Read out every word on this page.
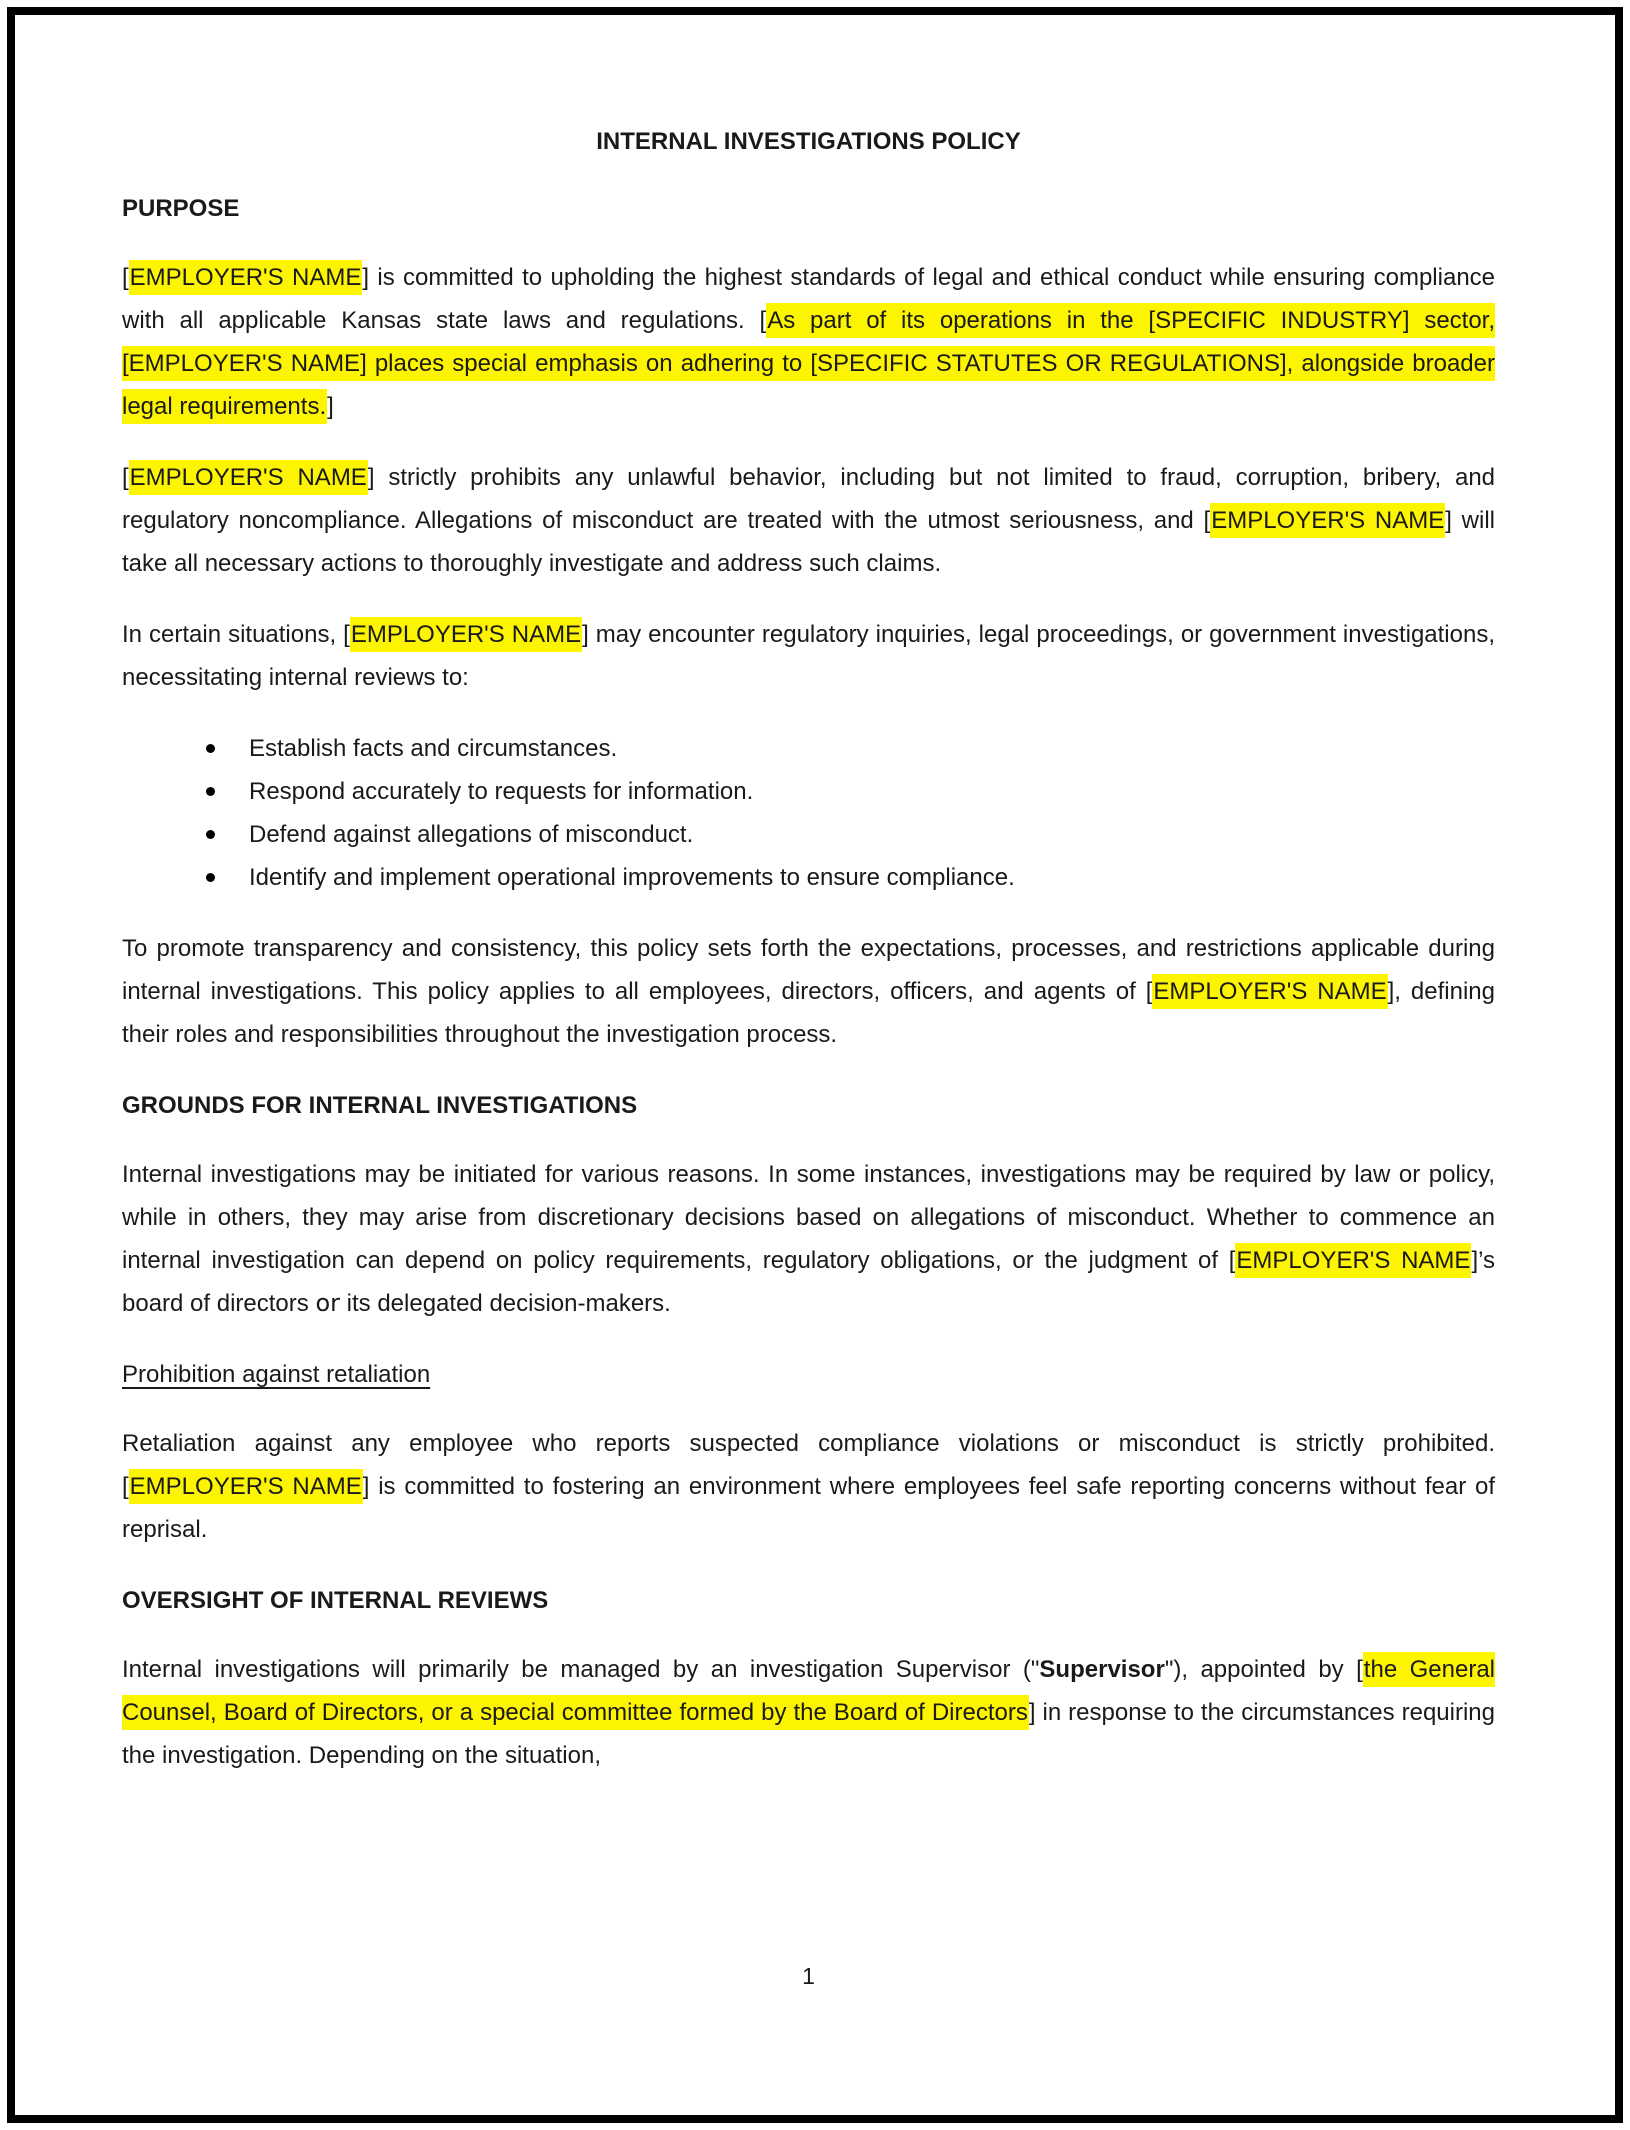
INTERNAL INVESTIGATIONS POLICY
PURPOSE

[EMPLOYER'S NAME] is committed to upholding the highest standards of legal and ethical conduct while ensuring compliance with all applicable Kansas state laws and regulations. [As part of its operations in the [SPECIFIC INDUSTRY] sector, [EMPLOYER'S NAME] places special emphasis on adhering to [SPECIFIC STATUTES OR REGULATIONS], alongside broader legal requirements.]

[EMPLOYER'S NAME] strictly prohibits any unlawful behavior, including but not limited to fraud, corruption, bribery, and regulatory noncompliance. Allegations of misconduct are treated with the utmost seriousness, and [EMPLOYER'S NAME] will take all necessary actions to thoroughly investigate and address such claims.

In certain situations, [EMPLOYER'S NAME] may encounter regulatory inquiries, legal proceedings, or government investigations, necessitating internal reviews to:

Establish facts and circumstances.
Respond accurately to requests for information.
Defend against allegations of misconduct.
Identify and implement operational improvements to ensure compliance.

To promote transparency and consistency, this policy sets forth the expectations, processes, and restrictions applicable during internal investigations. This policy applies to all employees, directors, officers, and agents of [EMPLOYER'S NAME], defining their roles and responsibilities throughout the investigation process.

GROUNDS FOR INTERNAL INVESTIGATIONS

Internal investigations may be initiated for various reasons. In some instances, investigations may be required by law or policy, while in others, they may arise from discretionary decisions based on allegations of misconduct. Whether to commence an internal investigation can depend on policy requirements, regulatory obligations, or the judgment of [EMPLOYER'S NAME]’s board of directors or its delegated decision-makers.

Prohibition against retaliation

Retaliation against any employee who reports suspected compliance violations or misconduct is strictly prohibited. [EMPLOYER'S NAME] is committed to fostering an environment where employees feel safe reporting concerns without fear of reprisal.

OVERSIGHT OF INTERNAL REVIEWS

Internal investigations will primarily be managed by an investigation Supervisor ("Supervisor"), appointed by [the General Counsel, Board of Directors, or a special committee formed by the Board of Directors] in response to the circumstances requiring the investigation. Depending on the situation,

1
